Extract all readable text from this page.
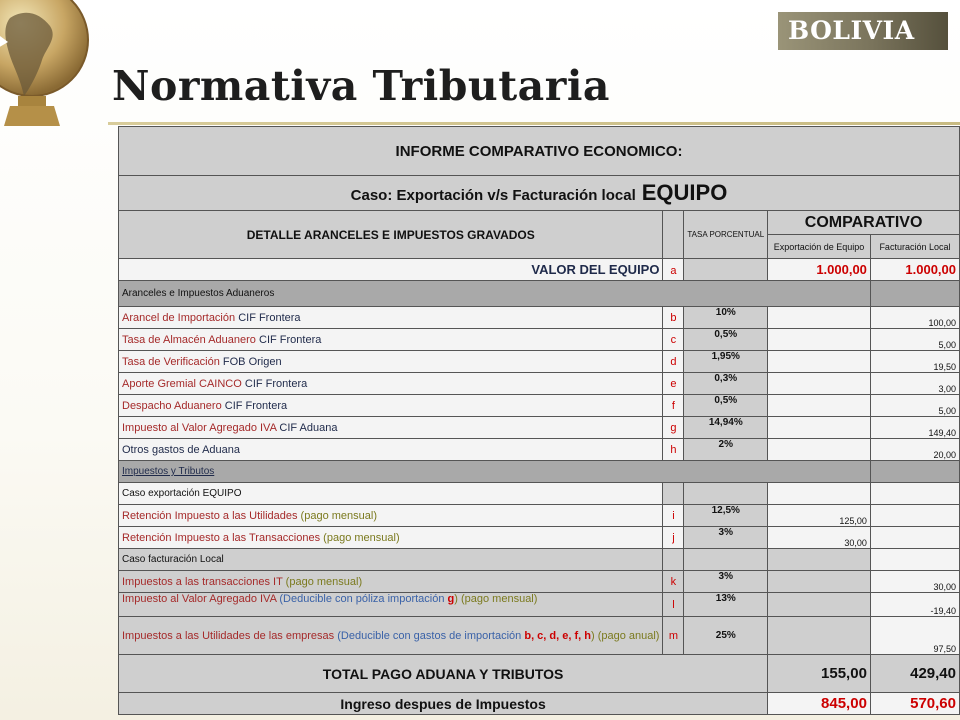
BOLIVIA
Normativa Tributaria
INFORME COMPARATIVO ECONOMICO:				
Caso: Exportación v/s Facturación local EQUIPO				
DETALLE ARANCELES E IMPUESTOS GRAVADOS		TASA PORCENTUAL	COMPARATIVO	
			Exportación de Equipo	Facturación Local
VALOR DEL EQUIPO	a		1.000,00	1.000,00
Aranceles e Impuestos Aduaneros				
Arancel de Importación CIF Frontera	b	10%		100,00
Tasa de Almacén Aduanero CIF Frontera	c	0,5%		5,00
Tasa de Verificación FOB Origen	d	1,95%		19,50
Aporte Gremial CAINCO CIF Frontera	e	0,3%		3,00
Despacho Aduanero CIF Frontera	f	0,5%		5,00
Impuesto al Valor Agregado IVA CIF Aduana	g	14,94%		149,40
Otros gastos de Aduana	h	2%		20,00
Impuestos y Tributos				
Caso exportación EQUIPO				
Retención Impuesto a las Utilidades (pago mensual)	i	12,5%	125,00	
Retención Impuesto a las Transacciones (pago mensual)	j	3%	30,00	
Caso facturación Local				
Impuestos a las transacciones IT (pago mensual)	k	3%		30,00
Impuesto al Valor Agregado IVA (Deducible con póliza importación g) (pago mensual)	l	13%		-19,40
Impuestos a las Utilidades de las empresas (Deducible con gastos de importación b, c, d, e, f, h) (pago anual)	m	25%		97,50
TOTAL PAGO ADUANA Y TRIBUTOS			155,00	429,40
Ingreso despues de Impuestos			845,00	570,60
